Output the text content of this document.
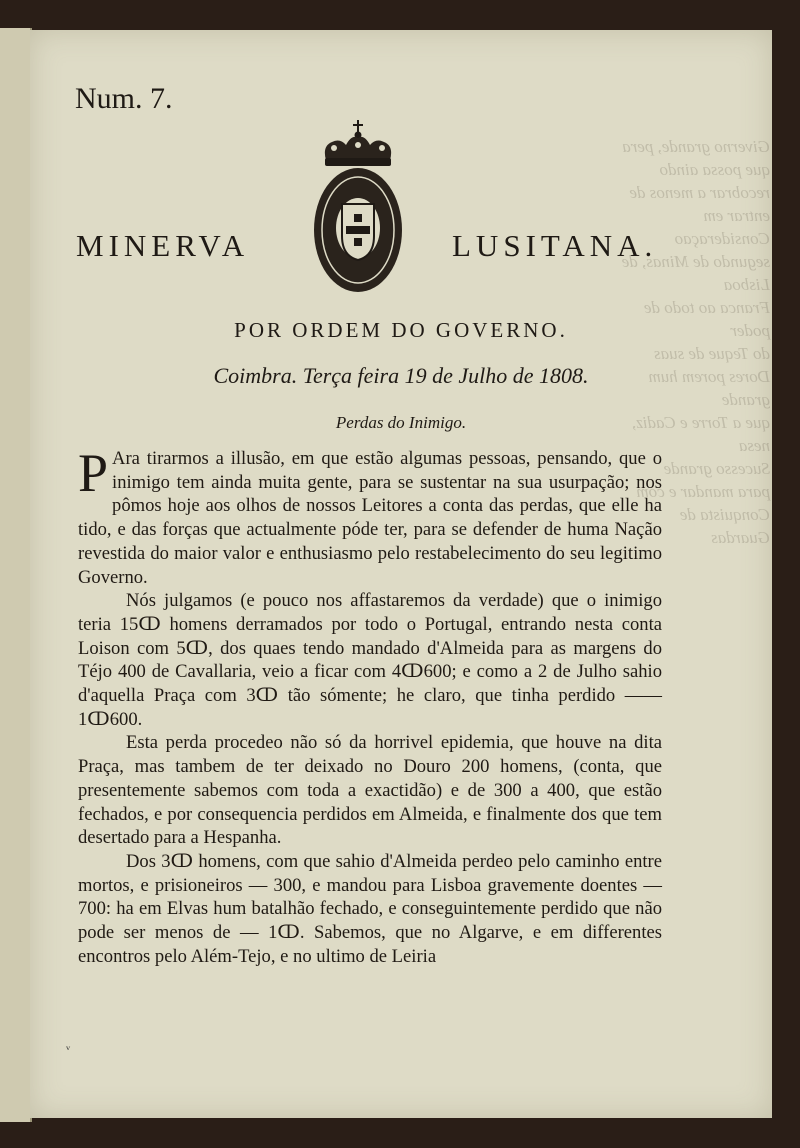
Giverno grande, pera que possa aindo recobrar a menos de
entrar em Consideraçao
segundo de Minas, de Lisboa
Franca ao todo de poder
do Teque de suas
Dores porem hum grande
que a Torre e Cadiz, nesa
Sucesso grande
para mandar e com
Conquista de Guardas
Num. 7.
MINERVA	LUSITANA.
POR ORDEM DO GOVERNO.
Coimbra. Terça feira 19 de Julho de 1808.
Perdas do Inimigo.

P Ara tirarmos a illusão, em que estão algumas pessoas, pensando, que o inimigo tem ainda muita gente, para se sustentar na sua usurpação; nos pômos hoje aos olhos de nossos Leitores a conta das perdas, que elle ha tido, e das forças que actualmente póde ter, para se defender de huma Nação revestida do maior valor e enthusiasmo pelo restabelecimento do seu legitimo Governo.

Nós julgamos (e pouco nos affastaremos da verdade) que o inimigo teria 15ↀ homens derramados por todo o Portugal, entrando nesta conta Loison com 5ↀ, dos quaes tendo mandado d'Almeida para as margens do Téjo 400 de Cavallaria, veio a ficar com 4ↀ600; e como a 2 de Julho sahio d'aquella Praça com 3ↀ tão sómente; he claro, que tinha perdido —— 1ↀ600.

Esta perda procedeo não só da horrivel epidemia, que houve na dita Praça, mas tambem de ter deixado no Douro 200 homens, (conta, que presentemente sabemos com toda a exactidão) e de 300 a 400, que estão fechados, e por consequencia perdidos em Almeida, e finalmente dos que tem desertado para a Hespanha.

Dos 3ↀ homens, com que sahio d'Almeida perdeo pelo caminho entre mortos, e prisioneiros — 300, e mandou para Lisboa gravemente doentes — 700: ha em Elvas hum batalhão fechado, e conseguintemente perdido que não pode ser menos de — 1ↀ. Sabemos, que no Algarve, e em differentes encontros pelo Além-Tejo, e no ultimo de Leiria

ᵥ
